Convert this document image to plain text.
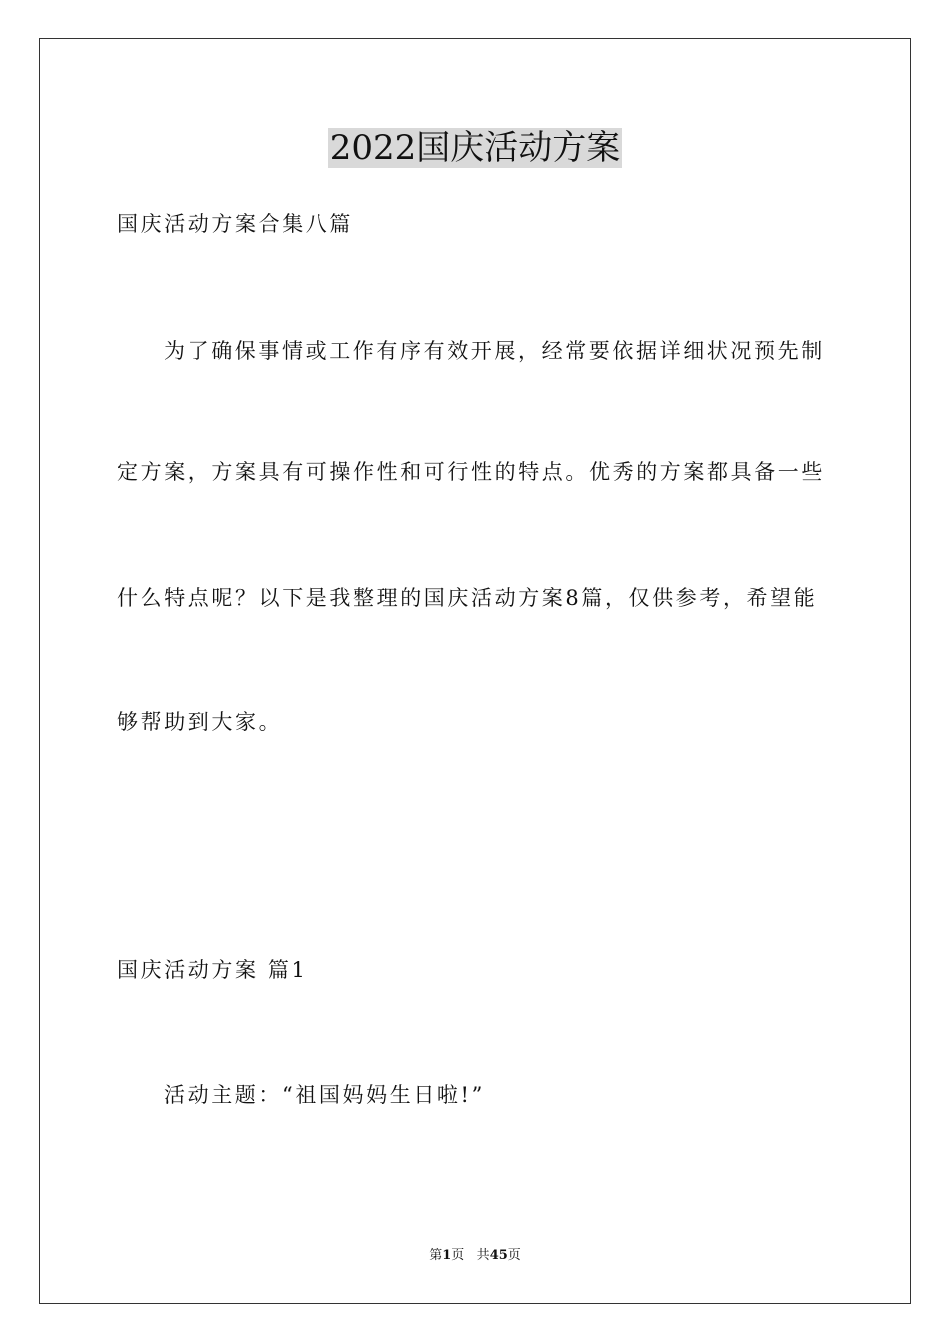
2022国庆活动方案
国庆活动方案合集八篇
为了确保事情或工作有序有效开展，经常要依据详细状况预先制
定方案，方案具有可操作性和可行性的特点。优秀的方案都具备一些
什么特点呢？以下是我整理的国庆活动方案8篇，仅供参考，希望能
够帮助到大家。
国庆活动方案 篇1
活动主题：“祖国妈妈生日啦!”
第1页 共45页
